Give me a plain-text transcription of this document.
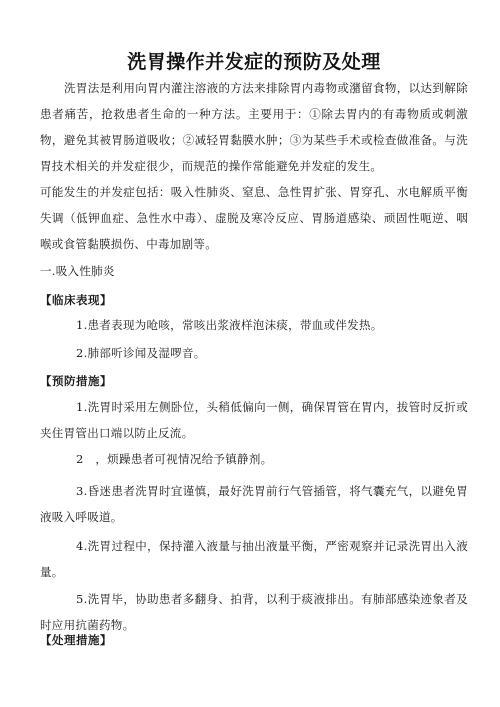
洗胃操作并发症的预防及处理

洗胃法是利用向胃内灌注溶液的方法来排除胃内毒物或潴留食物，以达到解除患者痛苦，抢救患者生命的一种方法。主要用于：①除去胃内的有毒物质或刺激物，避免其被胃肠道吸收；②减轻胃黏膜水肿；③为某些手术或检查做准备。与洗胃技术相关的并发症很少，而规范的操作常能避免并发症的发生。

可能发生的并发症包括：吸入性肺炎、窒息、急性胃扩张、胃穿孔、水电解质平衡失调（低钾血症、急性水中毒）、虚脱及寒冷反应、胃肠道感染、顽固性呃逆、咽喉或食管黏膜损伤、中毒加剧等。

一.吸入性肺炎

【临床表现】

1.患者表现为呛咳，常咳出浆液样泡沫痰，带血或伴发热。

2.肺部听诊闻及湿啰音。

【预防措施】

1.洗胃时采用左侧卧位，头稍低偏向一侧，确保胃管在胃内，拔管时反折或夹住胃管出口端以防止反流。

2　，烦躁患者可视情况给予镇静剂。

3.昏迷患者洗胃时宜谨慎，最好洗胃前行气管插管，将气囊充气，以避免胃液吸入呼吸道。

4.洗胃过程中，保持灌入液量与抽出液量平衡，严密观察并记录洗胃出入液量。

5.洗胃毕，协助患者多翻身、拍背，以利于痰液排出。有肺部感染迹象者及时应用抗菌药物。

【处理措施】
